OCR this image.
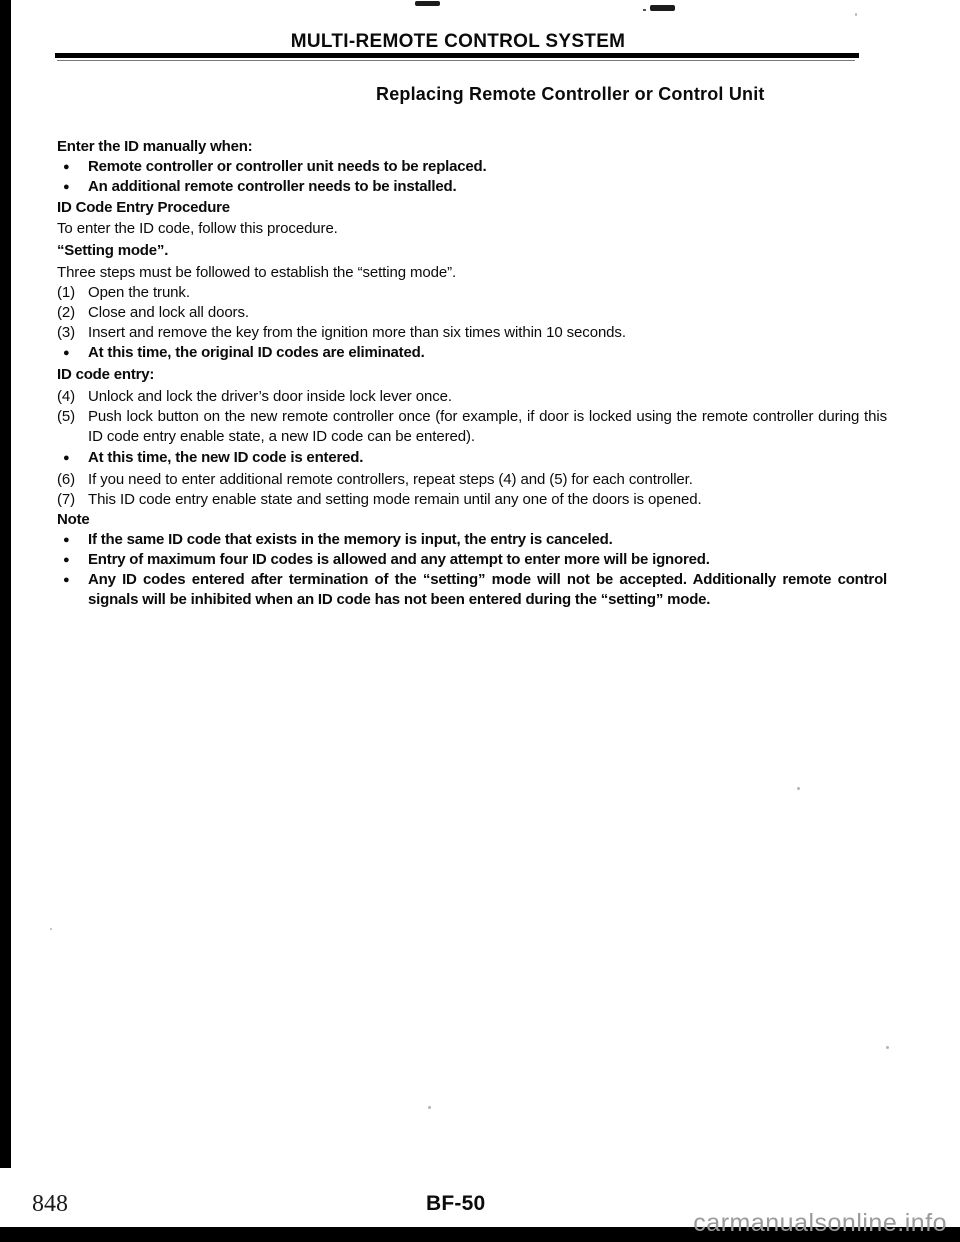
MULTI-REMOTE CONTROL SYSTEM
Replacing Remote Controller or Control Unit

Enter the ID manually when:

●	Remote controller or controller unit needs to be replaced.

●	An additional remote controller needs to be installed.

ID Code Entry Procedure

To enter the ID code, follow this procedure.

“Setting mode”.

Three steps must be followed to establish the “setting mode”.

(1) Open the trunk.

(2) Close and lock all doors.

(3) Insert and remove the key from the ignition more than six times within 10 seconds.

●	At this time, the original ID codes are eliminated.

ID code entry:

(4) Unlock and lock the driver’s door inside lock lever once.

(5) Push lock button on the new remote controller once (for example, if door is locked using the remote controller during this ID code entry enable state, a new ID code can be entered).

●	At this time, the new ID code is entered.

(6) If you need to enter additional remote controllers, repeat steps (4) and (5) for each controller.

(7) This ID code entry enable state and setting mode remain until any one of the doors is opened.

Note

●	If the same ID code that exists in the memory is input, the entry is canceled.

●	Entry of maximum four ID codes is allowed and any attempt to enter more will be ignored.

●	Any ID codes entered after termination of the “setting” mode will not be accepted. Additionally remote control signals will be inhibited when an ID code has not been entered during the “setting” mode.

848	BF-50
carmanualsonline.info
